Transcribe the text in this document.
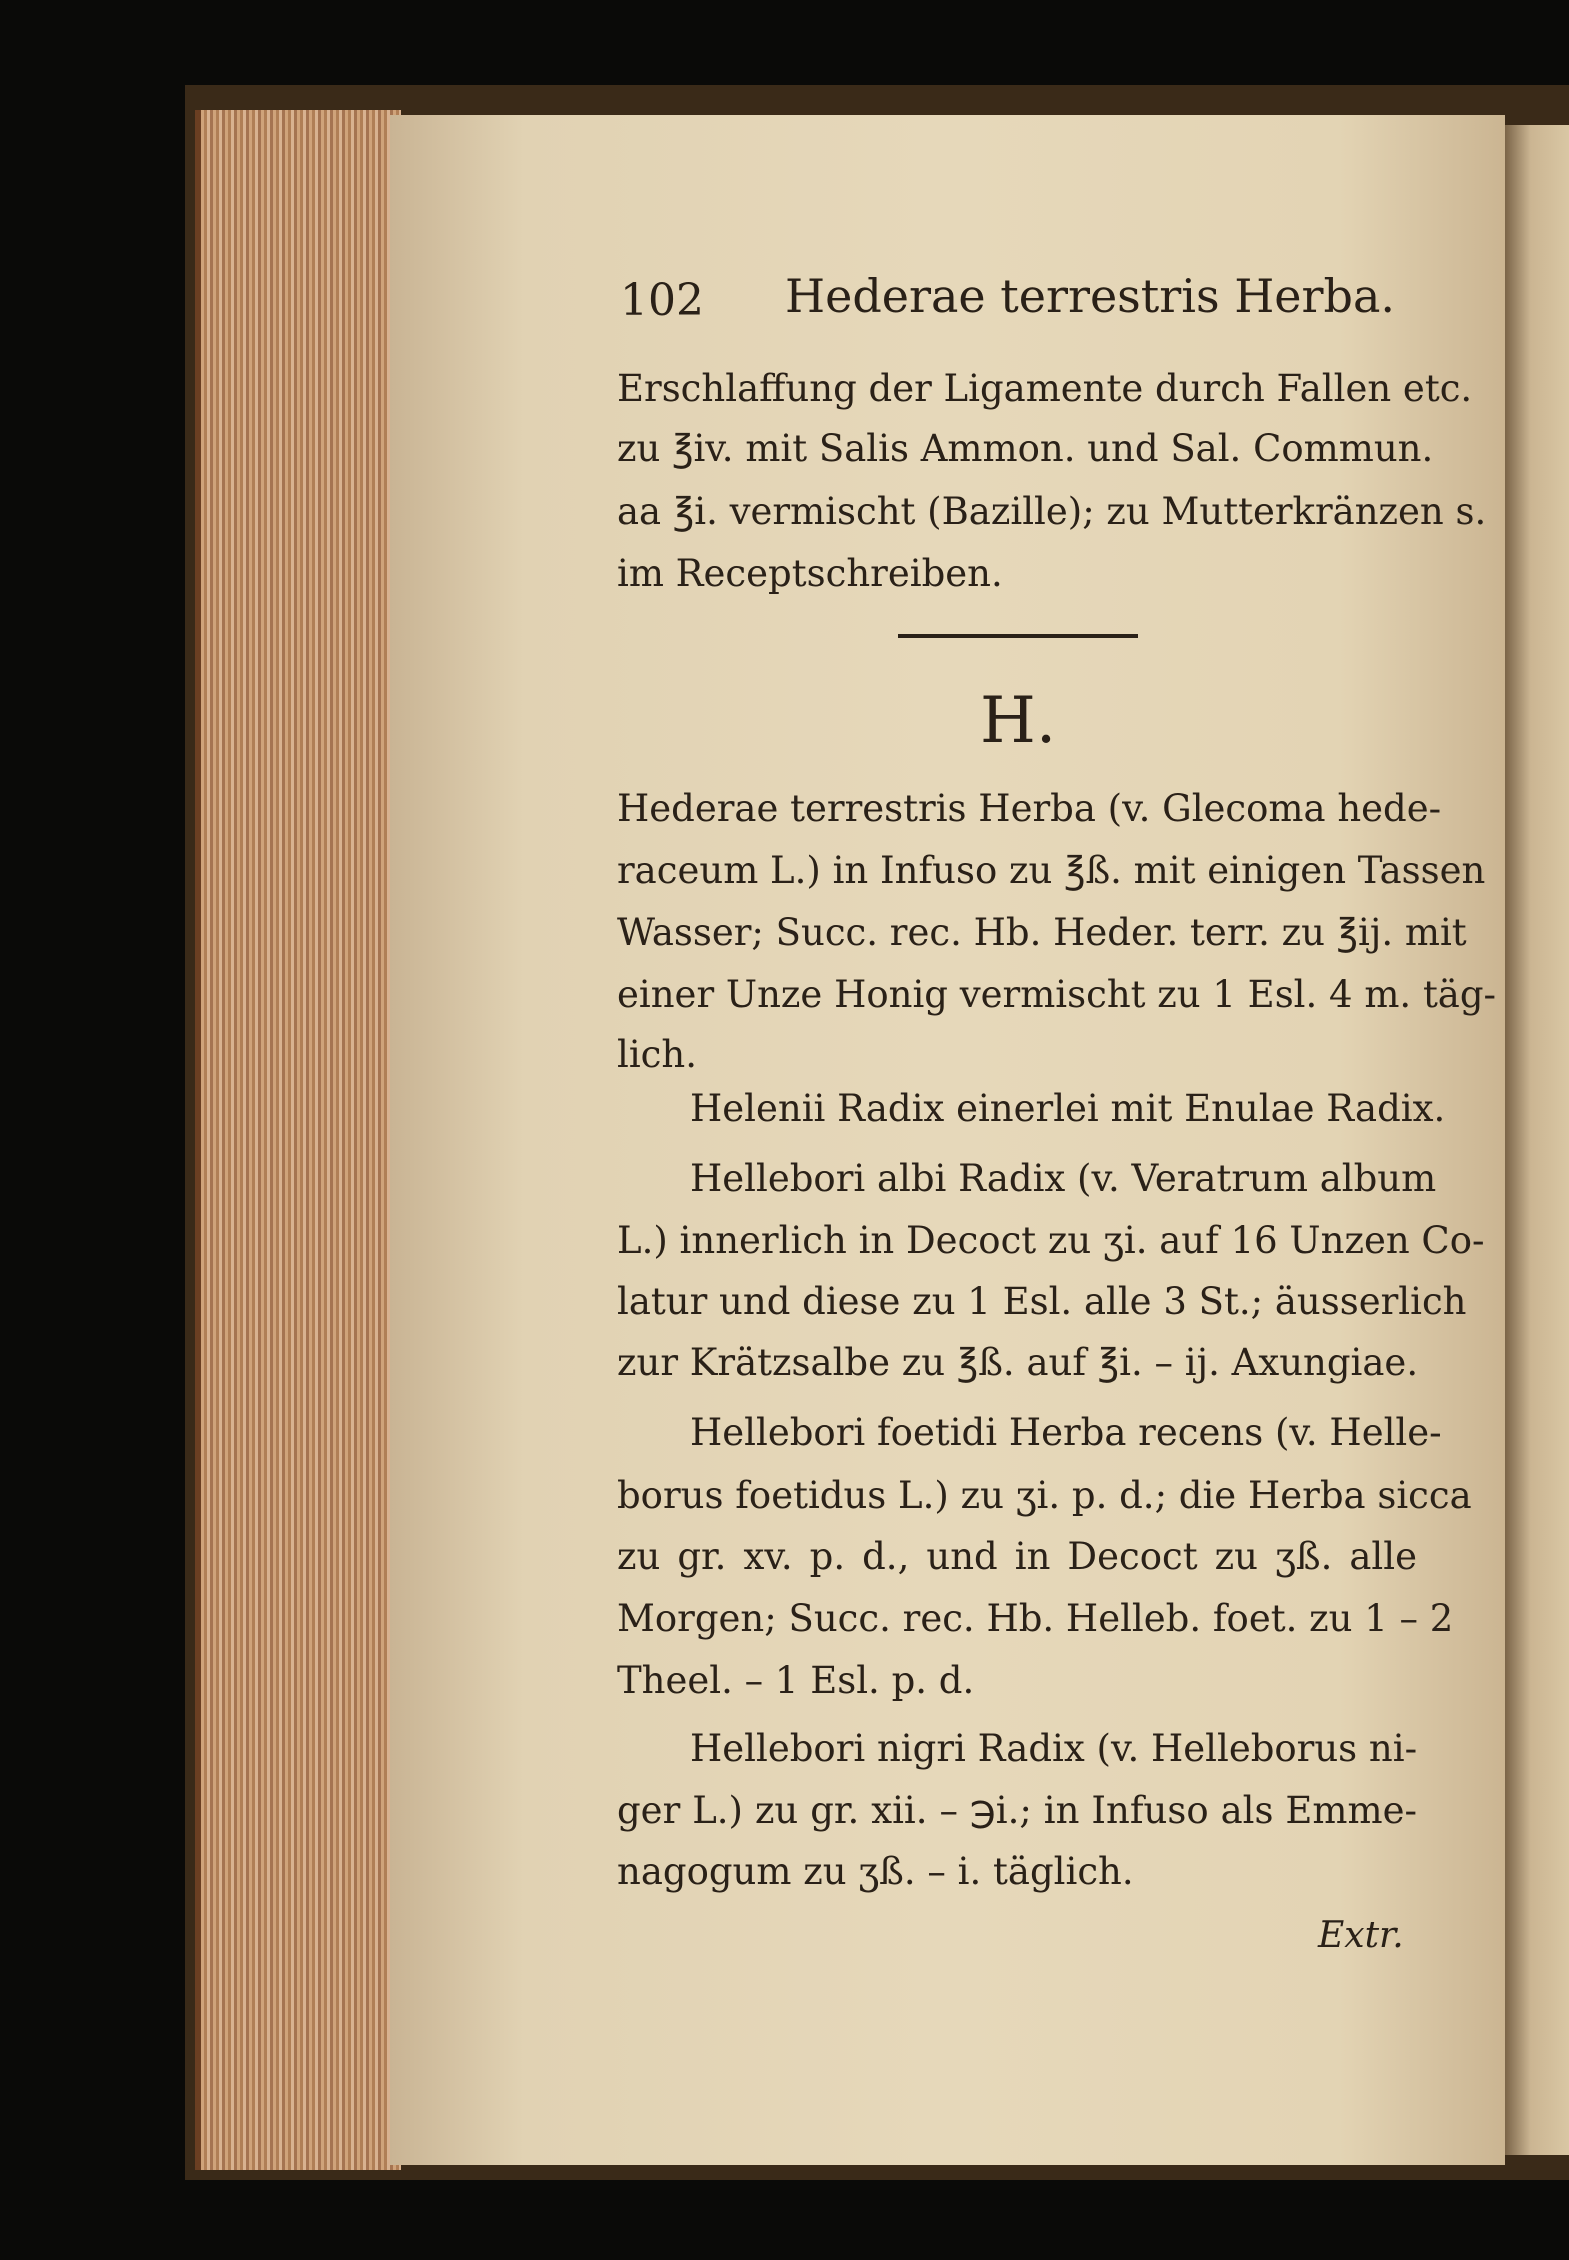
102 Hederae terrestris Herba.
Erschlaffung der Ligamente durch Fallen etc.
zu ℥iv. mit Salis Ammon. und Sal. Commun.
aa ℥i. vermischt (Bazille); zu Mutterkränzen s.
im Receptschreiben.
H.
Hederae terrestris Herba (v. Glecoma hede-
raceum L.) in Infuso zu ℥ß. mit einigen Tassen
Wasser; Succ. rec. Hb. Heder. terr. zu ℥ij. mit
einer Unze Honig vermischt zu 1 Esl. 4 m. täg-
lich.
Helenii Radix einerlei mit Enulae Radix.
Hellebori albi Radix (v. Veratrum album
L.) innerlich in Decoct zu ʒi. auf 16 Unzen Co-
latur und diese zu 1 Esl. alle 3 St.; äusserlich
zur Krätzsalbe zu ℥ß. auf ℥i. – ij. Axungiae.
Hellebori foetidi Herba recens (v. Helle-
borus foetidus L.) zu ʒi. p. d.; die Herba sicca
zu gr. xv. p. d., und in Decoct zu ʒß. alle
Morgen; Succ. rec. Hb. Helleb. foet. zu 1 – 2
Theel. – 1 Esl. p. d.
Hellebori nigri Radix (v. Helleborus ni-
ger L.) zu gr. xii. – ℈i.; in Infuso als Emme-
nagogum zu ʒß. – i. täglich.
Extr.
